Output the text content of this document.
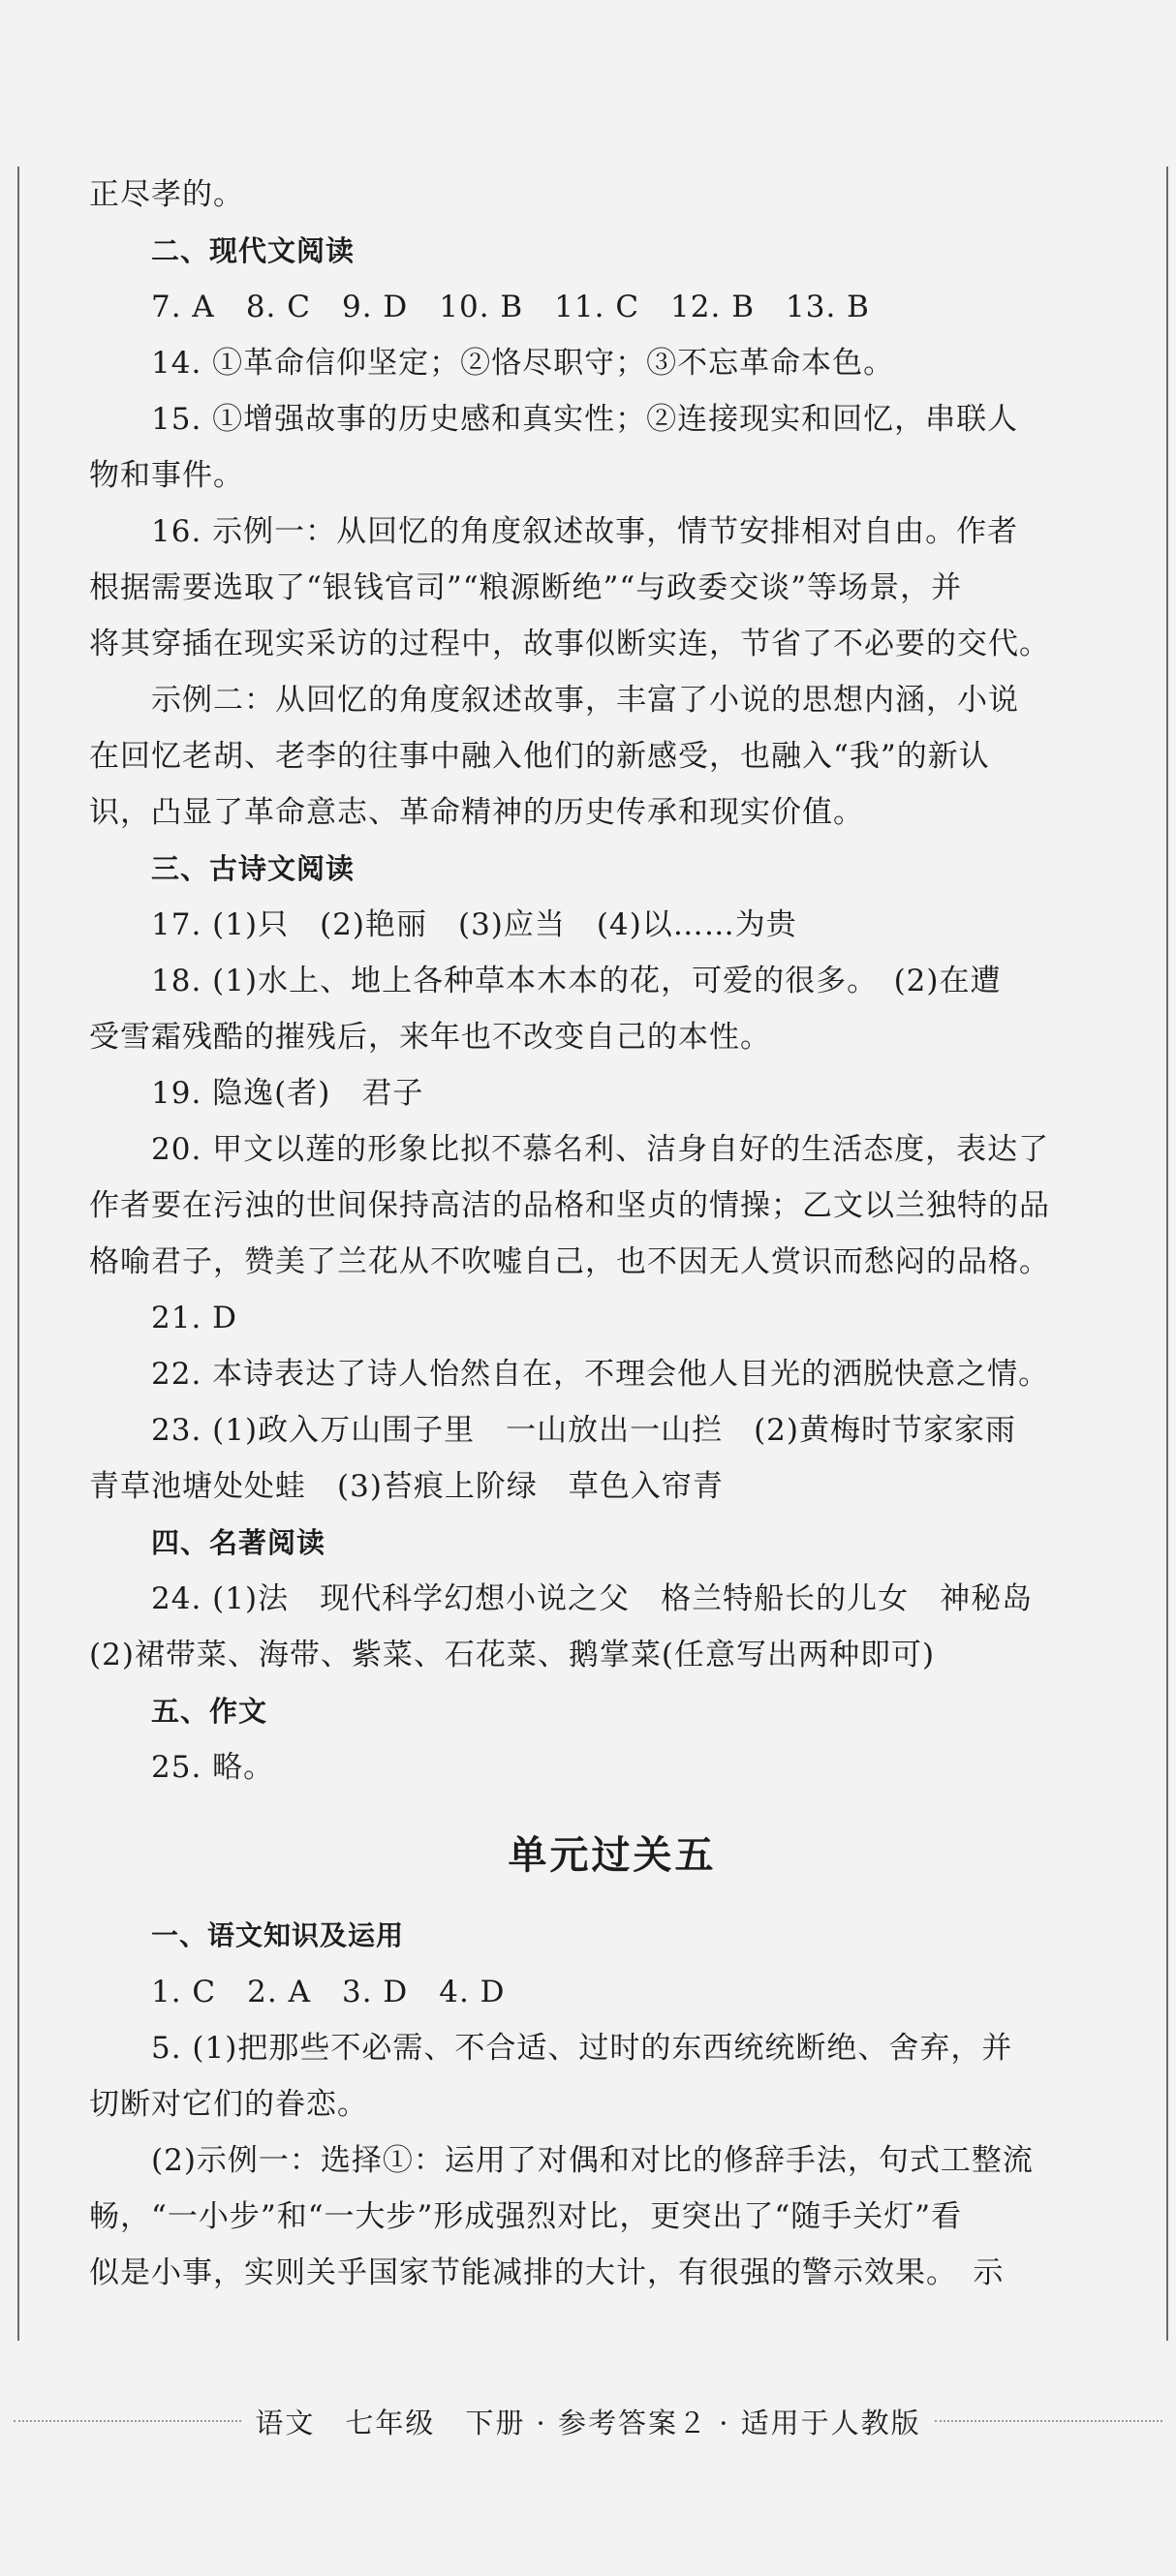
正尽孝的。
二、现代文阅读
7. A　8. C　9. D　10. B　11. C　12. B　13. B
14. ①革命信仰坚定；②恪尽职守；③不忘革命本色。
15. ①增强故事的历史感和真实性；②连接现实和回忆，串联人
物和事件。
16. 示例一：从回忆的角度叙述故事，情节安排相对自由。作者
根据需要选取了“银钱官司”“粮源断绝”“与政委交谈”等场景，并
将其穿插在现实采访的过程中，故事似断实连，节省了不必要的交代。
示例二：从回忆的角度叙述故事，丰富了小说的思想内涵，小说
在回忆老胡、老李的往事中融入他们的新感受，也融入“我”的新认
识，凸显了革命意志、革命精神的历史传承和现实价值。
三、古诗文阅读
17. (1)只　(2)艳丽　(3)应当　(4)以……为贵
18. (1)水上、地上各种草本木本的花，可爱的很多。　(2)在遭
受雪霜残酷的摧残后，来年也不改变自己的本性。
19. 隐逸(者)　君子
20. 甲文以莲的形象比拟不慕名利、洁身自好的生活态度，表达了
作者要在污浊的世间保持高洁的品格和坚贞的情操；乙文以兰独特的品
格喻君子，赞美了兰花从不吹嘘自己，也不因无人赏识而愁闷的品格。
21. D
22. 本诗表达了诗人怡然自在，不理会他人目光的洒脱快意之情。
23. (1)政入万山围子里　一山放出一山拦　(2)黄梅时节家家雨
青草池塘处处蛙　(3)苔痕上阶绿　草色入帘青
四、名著阅读
24. (1)法　现代科学幻想小说之父　格兰特船长的儿女　神秘岛
(2)裙带菜、海带、紫菜、石花菜、鹅掌菜(任意写出两种即可)
五、作文
25. 略。
单元过关五
一、语文知识及运用
1. C　2. A　3. D　4. D
5. (1)把那些不必需、不合适、过时的东西统统断绝、舍弃，并
切断对它们的眷恋。
(2)示例一：选择①：运用了对偶和对比的修辞手法，句式工整流
畅，“一小步”和“一大步”形成强烈对比，更突出了“随手关灯”看
似是小事，实则关乎国家节能减排的大计，有很强的警示效果。　示
语文　七年级　下册 · 参考答案２ · 适用于人教版
